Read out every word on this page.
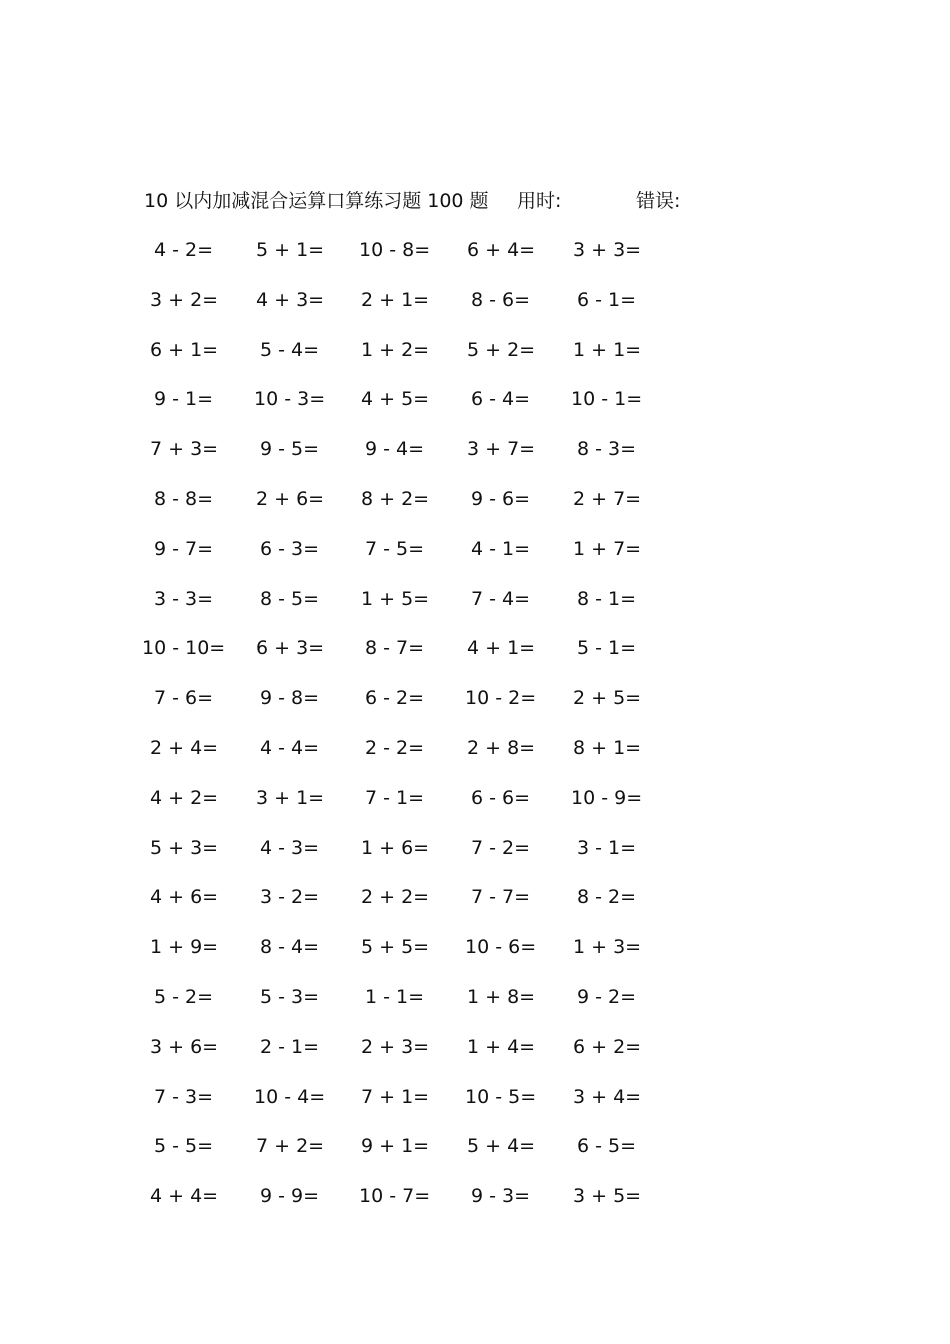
10 以内加减混合运算口算练习题 100 题 用时:	错误:
4 - 2= 5 + 1= 10 - 8= 6 + 4= 3 + 3=
3 + 2= 4 + 3= 2 + 1= 8 - 6= 6 - 1=
6 + 1= 5 - 4= 1 + 2= 5 + 2= 1 + 1=
9 - 1= 10 - 3= 4 + 5= 6 - 4= 10 - 1=
7 + 3= 9 - 5= 9 - 4= 3 + 7= 8 - 3=
8 - 8= 2 + 6= 8 + 2= 9 - 6= 2 + 7=
9 - 7= 6 - 3= 7 - 5= 4 - 1= 1 + 7=
3 - 3= 8 - 5= 1 + 5= 7 - 4= 8 - 1=
10 - 10= 6 + 3= 8 - 7= 4 + 1= 5 - 1=
7 - 6= 9 - 8= 6 - 2= 10 - 2= 2 + 5=
2 + 4= 4 - 4= 2 - 2= 2 + 8= 8 + 1=
4 + 2= 3 + 1= 7 - 1= 6 - 6= 10 - 9=
5 + 3= 4 - 3= 1 + 6= 7 - 2= 3 - 1=
4 + 6= 3 - 2= 2 + 2= 7 - 7= 8 - 2=
1 + 9= 8 - 4= 5 + 5= 10 - 6= 1 + 3=
5 - 2= 5 - 3= 1 - 1= 1 + 8= 9 - 2=
3 + 6= 2 - 1= 2 + 3= 1 + 4= 6 + 2=
7 - 3= 10 - 4= 7 + 1= 10 - 5= 3 + 4=
5 - 5= 7 + 2= 9 + 1= 5 + 4= 6 - 5=
4 + 4= 9 - 9= 10 - 7= 9 - 3= 3 + 5=
